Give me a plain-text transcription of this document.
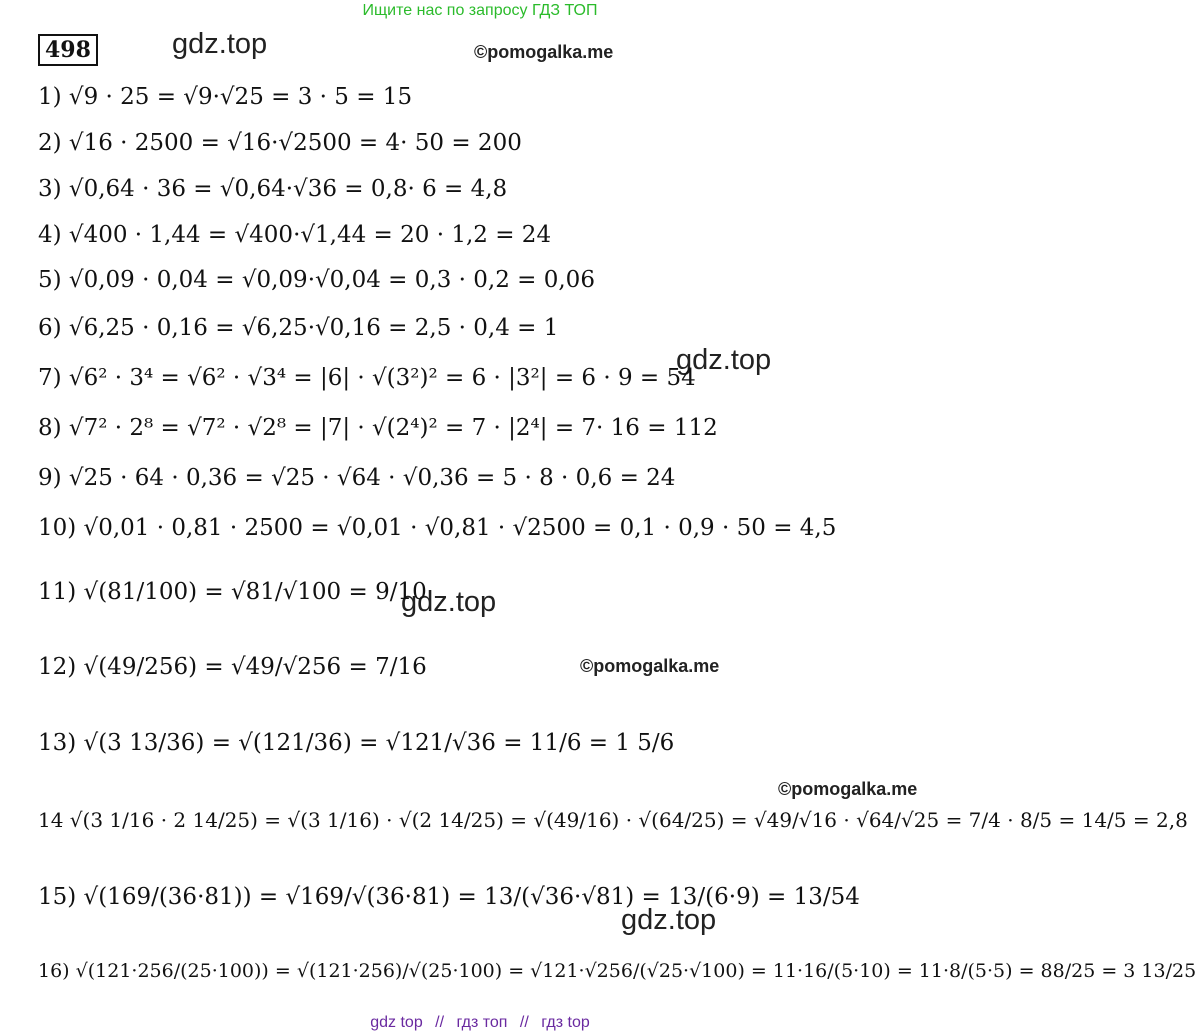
Ищите нас по запросу ГДЗ ТОП
498	gdz.top	©pomogalka.me
gdz.top
gdz.top
©pomogalka.me
©pomogalka.me
gdz.top
1) √9 · 25 = √9·√25 = 3 · 5 = 15
2) √16 · 2500 = √16·√2500 = 4· 50 = 200
3) √0,64 · 36 = √0,64·√36 = 0,8· 6 = 4,8
4) √400 · 1,44 = √400·√1,44 = 20 · 1,2 = 24
5) √0,09 · 0,04 = √0,09·√0,04 = 0,3 · 0,2 = 0,06
6) √6,25 · 0,16 = √6,25·√0,16 = 2,5 · 0,4 = 1
7) √6² · 3⁴ = √6² · √3⁴ = |6| · √(3²)² = 6 · |3²| = 6 · 9 = 54
8) √7² · 2⁸ = √7² · √2⁸ = |7| · √(2⁴)² = 7 · |2⁴| = 7· 16 = 112
9) √25 · 64 · 0,36 = √25 · √64 · √0,36 = 5 · 8 · 0,6 = 24
10) √0,01 · 0,81 · 2500 = √0,01 · √0,81 · √2500 = 0,1 · 0,9 · 50 = 4,5
11) √(81/100) = √81/√100 = 9/10
12) √(49/256) = √49/√256 = 7/16
13) √(3 13/36) = √(121/36) = √121/√36 = 11/6 = 1 5/6
14 √(3 1/16 · 2 14/25) = √(3 1/16) · √(2 14/25) = √(49/16) · √(64/25) = √49/√16 · √64/√25 = 7/4 · 8/5 = 14/5 = 2,8
15) √(169/(36·81)) = √169/√(36·81) = 13/(√36·√81) = 13/(6·9) = 13/54
16) √(121·256/(25·100)) = √(121·256)/√(25·100) = √121·√256/(√25·√100) = 11·16/(5·10) = 11·8/(5·5) = 88/25 = 3 13/25
gdz top // гдз топ // гдз top
